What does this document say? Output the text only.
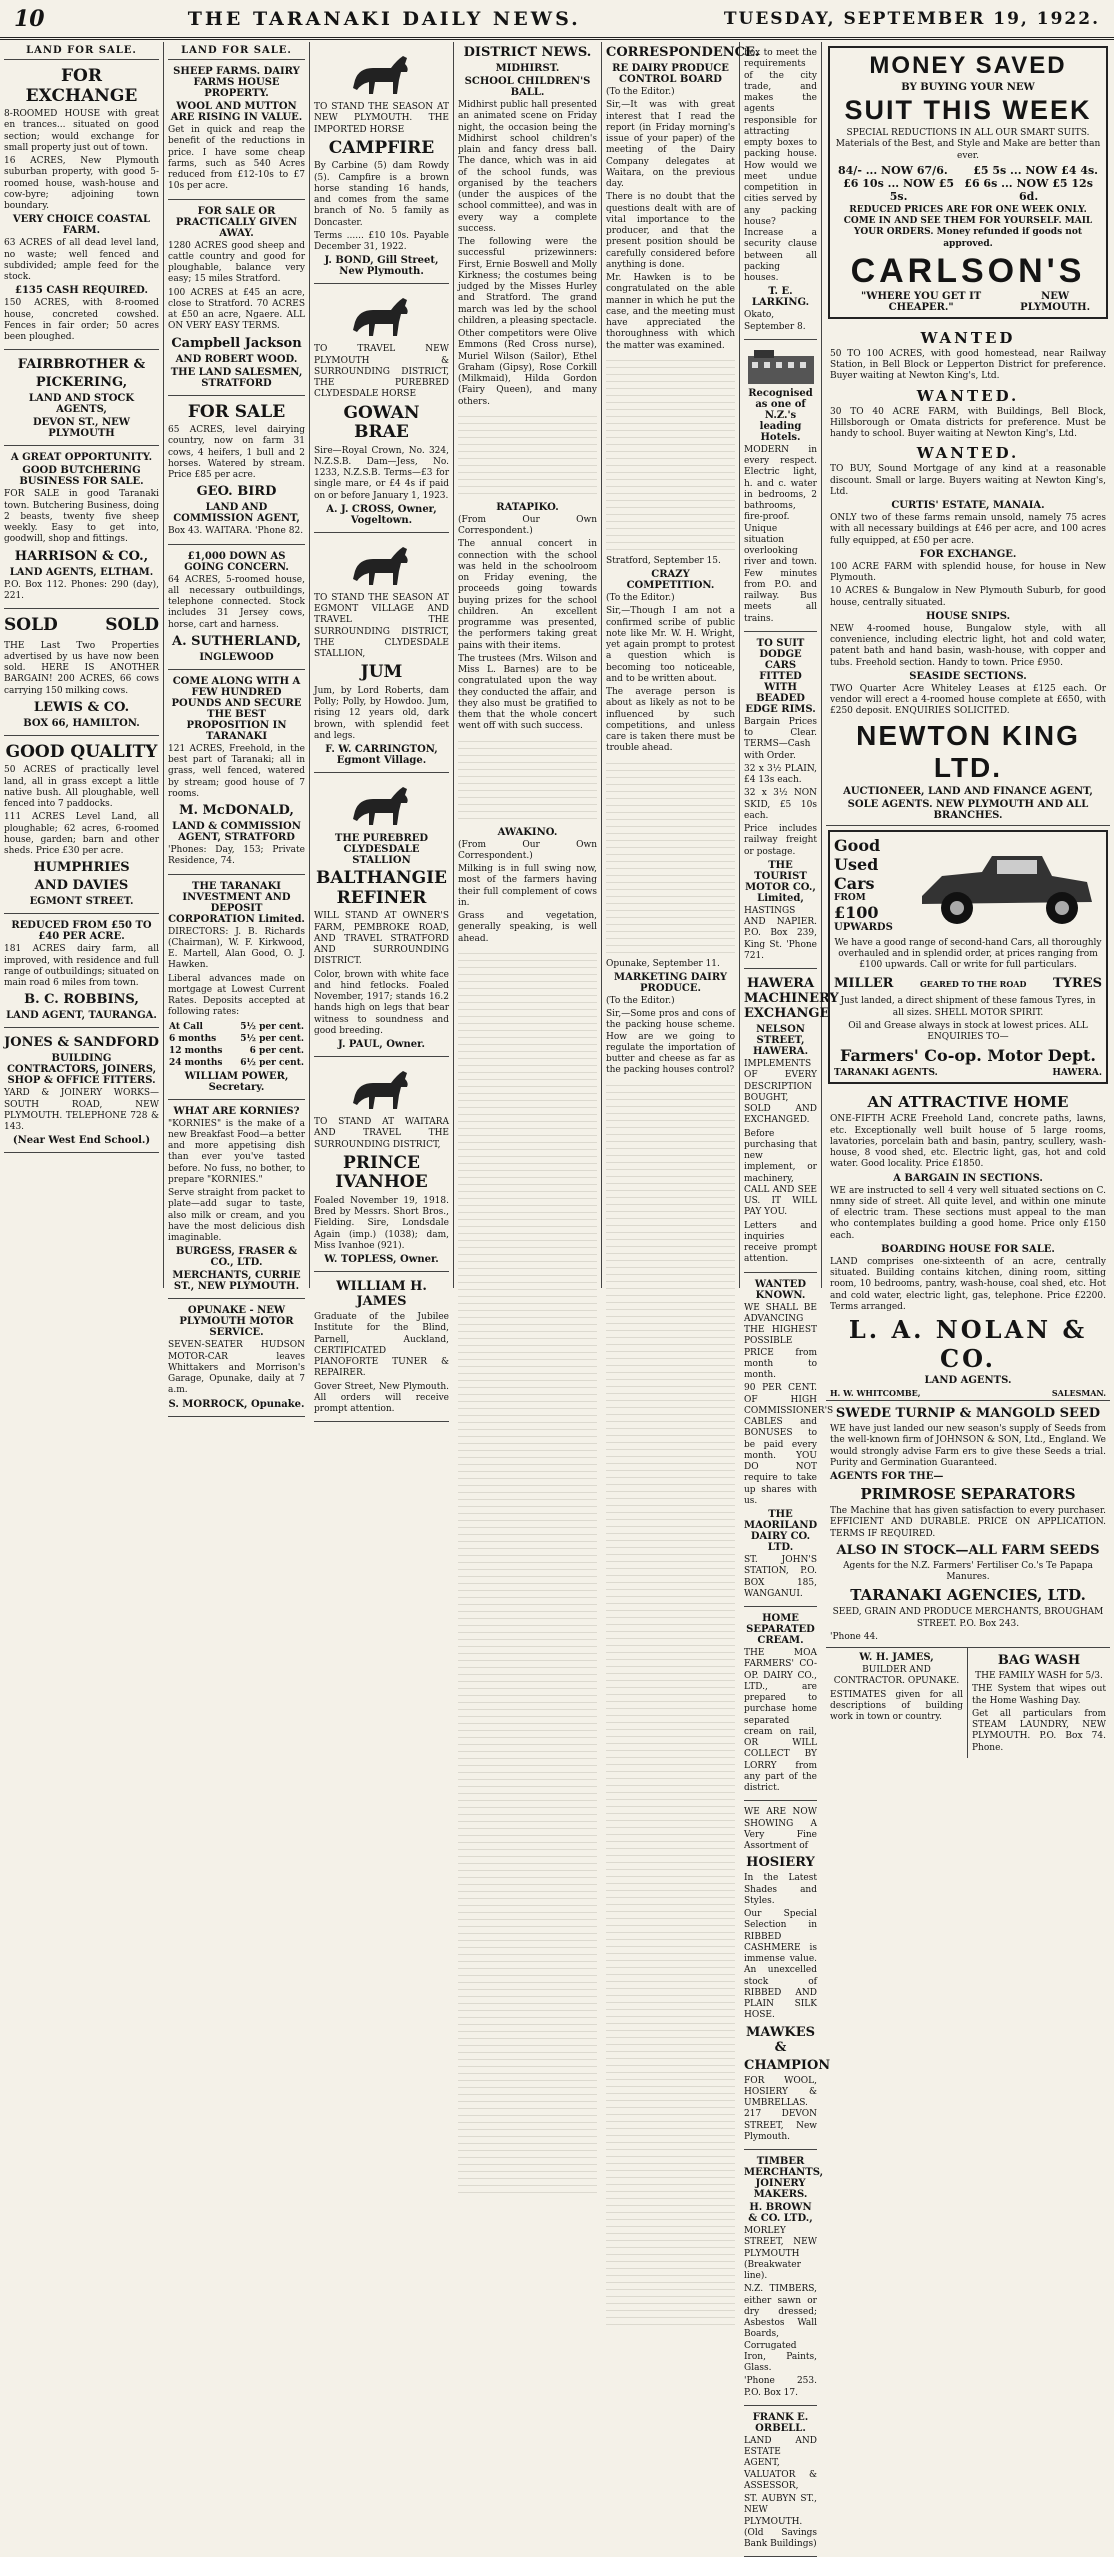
10	THE TARANAKI DAILY NEWS.	TUESDAY, SEPTEMBER 19, 1922.
LAND FOR SALE.
FOR EXCHANGE
8-ROOMED HOUSE with great en trances... situated on good section; would exchange for small property just out of town.
16 ACRES, New Plymouth suburban property, with good 5-roomed house, wash-house and cow-byre; adjoining town boundary.
VERY CHOICE COASTAL FARM.
63 ACRES of all dead level land, no waste; well fenced and subdivided; ample feed for the stock.
£135 CASH REQUIRED.
150 ACRES, with 8-roomed house, concreted cowshed. Fences in fair order; 50 acres been ploughed.
FAIRBROTHER &
PICKERING,
LAND AND STOCK AGENTS,
DEVON ST., NEW PLYMOUTH
A GREAT OPPORTUNITY.
GOOD BUTCHERING BUSINESS FOR SALE.
FOR SALE in good Taranaki town. Butchering Business, doing 2 beasts, twenty five sheep weekly. Easy to get into, goodwill, shop and fittings.
HARRISON & CO.,
LAND AGENTS, ELTHAM.
P.O. Box 112. Phones: 290 (day), 221.
SOLD	SOLD
THE Last Two Properties advertised by us have now been sold. HERE IS ANOTHER BARGAIN! 200 ACRES, 66 cows carrying 150 milking cows.
LEWIS & CO.
BOX 66, HAMILTON.
GOOD QUALITY
50 ACRES of practically level land, all in grass except a little native bush. All ploughable, well fenced into 7 paddocks.
111 ACRES Level Land, all ploughable; 62 acres, 6-roomed house, garden; barn and other sheds. Price £30 per acre.
HUMPHRIES
AND DAVIES
EGMONT STREET.
REDUCED FROM £50 TO £40 PER ACRE.
181 ACRES dairy farm, all improved, with residence and full range of outbuildings; situated on main road 6 miles from town.
B. C. ROBBINS,
LAND AGENT, TAURANGA.
JONES & SANDFORD
BUILDING CONTRACTORS, JOINERS, SHOP & OFFICE FITTERS.
YARD & JOINERY WORKS— SOUTH ROAD, NEW PLYMOUTH. TELEPHONE 728 & 143.
(Near West End School.)
LAND FOR SALE.
SHEEP FARMS. DAIRY FARMS HOUSE PROPERTY.
WOOL AND MUTTON ARE RISING IN VALUE.
Get in quick and reap the benefit of the reductions in price. I have some cheap farms, such as 540 Acres reduced from £12-10s to £7 10s per acre.
FOR SALE OR PRACTICALLY GIVEN AWAY.
1280 ACRES good sheep and cattle country and good for ploughable, balance very easy; 15 miles Stratford.
100 ACRES at £45 an acre, close to Stratford. 70 ACRES at £50 an acre, Ngaere. ALL ON VERY EASY TERMS.
Campbell Jackson
AND ROBERT WOOD.
THE LAND SALESMEN, STRATFORD
FOR SALE
65 ACRES, level dairying country, now on farm 31 cows, 4 heifers, 1 bull and 2 horses. Watered by stream. Price £85 per acre.
GEO. BIRD
LAND AND COMMISSION AGENT,
Box 43. WAITARA. 'Phone 82.
£1,000 DOWN AS GOING CONCERN.
64 ACRES, 5-roomed house, all necessary outbuildings, telephone connected. Stock includes 31 Jersey cows, horse, cart and harness.
A. SUTHERLAND,
INGLEWOOD
COME ALONG WITH A FEW HUNDRED POUNDS AND SECURE THE BEST PROPOSITION IN TARANAKI
121 ACRES, Freehold, in the best part of Taranaki; all in grass, well fenced, watered by stream; good house of 7 rooms.
M. McDONALD,
LAND & COMMISSION AGENT, STRATFORD
'Phones: Day, 153; Private Residence, 74.
THE TARANAKI INVESTMENT AND DEPOSIT CORPORATION Limited.
DIRECTORS: J. B. Richards (Chairman), W. F. Kirkwood, E. Martell, Alan Good, O. J. Hawken.
Liberal advances made on mortgage at Lowest Current Rates. Deposits accepted at following rates:
At Call	5½ per cent.
6 months	5½ per cent.
12 months	6 per cent.
24 months	6½ per cent.
WILLIAM POWER, Secretary.
WHAT ARE KORNIES?
"KORNIES" is the make of a new Breakfast Food—a better and more appetising dish than ever you've tasted before. No fuss, no bother, to prepare "KORNIES."
Serve straight from packet to plate—add sugar to taste, also milk or cream, and you have the most delicious dish imaginable.
BURGESS, FRASER & CO., LTD.
MERCHANTS, CURRIE ST., NEW PLYMOUTH.
OPUNAKE - NEW PLYMOUTH MOTOR SERVICE.
SEVEN-SEATER HUDSON MOTOR-CAR leaves Whittakers and Morrison's Garage, Opunake, daily at 7 a.m.
S. MORROCK, Opunake.
TO STAND THE SEASON AT NEW PLYMOUTH. THE IMPORTED HORSE
CAMPFIRE
By Carbine (5) dam Rowdy (5). Campfire is a brown horse standing 16 hands, and comes from the same branch of No. 5 family as Doncaster.
Terms ...... £10 10s. Payable December 31, 1922.
J. BOND, Gill Street, New Plymouth.
TO TRAVEL NEW PLYMOUTH & SURROUNDING DISTRICT, THE PUREBRED CLYDESDALE HORSE
GOWAN BRAE
Sire—Royal Crown, No. 324, N.Z.S.B. Dam—Jess, No. 1233, N.Z.S.B. Terms—£3 for single mare, or £4 4s if paid on or before January 1, 1923.
A. J. CROSS, Owner, Vogeltown.
TO STAND THE SEASON AT EGMONT VILLAGE AND TRAVEL THE SURROUNDING DISTRICT, THE CLYDESDALE STALLION,
JUM
Jum, by Lord Roberts, dam Polly; Polly, by Howdoo. Jum, rising 12 years old, dark brown, with splendid feet and legs.
F. W. CARRINGTON, Egmont Village.
THE PUREBRED CLYDESDALE STALLION
BALTHANGIE REFINER
WILL STAND AT OWNER'S FARM, PEMBROKE ROAD, AND TRAVEL STRATFORD AND SURROUNDING DISTRICT.
Color, brown with white face and hind fetlocks. Foaled November, 1917; stands 16.2 hands high on legs that bear witness to soundness and good breeding.
J. PAUL, Owner.
TO STAND AT WAITARA AND TRAVEL THE SURROUNDING DISTRICT,
PRINCE IVANHOE
Foaled November 19, 1918. Bred by Messrs. Short Bros., Fielding. Sire, Londsdale Again (imp.) (1038); dam, Miss Ivanhoe (921).
W. TOPLESS, Owner.
WILLIAM H. JAMES
Graduate of the Jubilee Institute for the Blind, Parnell, Auckland, CERTIFICATED PIANOFORTE TUNER & REPAIRER.
Gover Street, New Plymouth. All orders will receive prompt attention.
DISTRICT NEWS.
MIDHIRST.
SCHOOL CHILDREN'S BALL.
Midhirst public hall presented an animated scene on Friday night, the occasion being the Midhirst school children's plain and fancy dress ball. The dance, which was in aid of the school funds, was organised by the teachers (under the auspices of the school committee), and was in every way a complete success.
The following were the successful prizewinners: First, Ernie Boswell and Molly Kirkness; the costumes being judged by the Misses Hurley and Stratford. The grand march was led by the school children, a pleasing spectacle.
Other competitors were Olive Emmons (Red Cross nurse), Muriel Wilson (Sailor), Ethel Graham (Gipsy), Rose Corkill (Milkmaid), Hilda Gordon (Fairy Queen), and many others.
RATAPIKO.
(From Our Own Correspondent.)
The annual concert in connection with the school was held in the schoolroom on Friday evening, the proceeds going towards buying prizes for the school children. An excellent programme was presented, the performers taking great pains with their items.
The trustees (Mrs. Wilson and Miss L. Barnes) are to be congratulated upon the way they conducted the affair, and they also must be gratified to them that the whole concert went off with such success.
AWAKINO.
(From Our Own Correspondent.)
Milking is in full swing now, most of the farmers having their full complement of cows in.
Grass and vegetation, generally speaking, is well ahead.
CORRESPONDENCE.
RE DAIRY PRODUCE CONTROL BOARD
(To the Editor.)
Sir,—It was with great interest that I read the report (in Friday morning's issue of your paper) of the meeting of the Dairy Company delegates at Waitara, on the previous day.
There is no doubt that the questions dealt with are of vital importance to the producer, and that the present position should be carefully considered before anything is done.
Mr. Hawken is to be congratulated on the able manner in which he put the case, and the meeting must have appreciated the thoroughness with which the matter was examined.
Stratford, September 15.
CRAZY COMPETITION.
(To the Editor.)
Sir,—Though I am not a confirmed scribe of public note like Mr. W. H. Wright, yet again prompt to protest a question which is becoming too noticeable, and to be written about.
The average person is about as likely as not to be influenced by such competitions, and unless care is taken there must be trouble ahead.
Opunake, September 11.
MARKETING DAIRY PRODUCE.
(To the Editor.)
Sir,—Some pros and cons of the packing house scheme. How are we going to regulate the importation of butter and cheese as far as the packing houses control?
box to meet the requirements of the city trade, and makes the agents responsible for attracting empty boxes to packing house. How would we meet undue competition in cities served by any packing house? Increase a security clause between all packing houses.
T. E. LARKING.
Okato, September 8.
Recognised as one of N.Z.'s leading Hotels.
MODERN in every respect. Electric light, h. and c. water in bedrooms, 2 bathrooms, fire-proof. Unique situation overlooking river and town. Few minutes from P.O. and railway. Bus meets all trains.
TO SUIT DODGE CARS FITTED WITH BEADED EDGE RIMS.
Bargain Prices to Clear. TERMS—Cash with Order.
32 x 3½ PLAIN, £4 13s each.
32 x 3½ NON SKID, £5 10s each.
Price includes railway freight or postage.
THE TOURIST MOTOR CO., Limited,
HASTINGS AND NAPIER. P.O. Box 239, King St. 'Phone 721.
HAWERA MACHINERY EXCHANGE
NELSON STREET, HAWERA.
IMPLEMENTS OF EVERY DESCRIPTION BOUGHT, SOLD AND EXCHANGED.
Before purchasing that new implement, or machinery, CALL AND SEE US. IT WILL PAY YOU.
Letters and inquiries receive prompt attention.
WANTED KNOWN.
WE SHALL BE ADVANCING THE HIGHEST POSSIBLE PRICE from month to month.
90 PER CENT. OF HIGH COMMISSIONER'S CABLES and BONUSES to be paid every month. YOU DO NOT require to take up shares with us.
THE MAORILAND DAIRY CO. LTD.
ST. JOHN'S STATION, P.O. BOX 185, WANGANUI.
HOME SEPARATED CREAM.
THE MOA FARMERS' CO-OP. DAIRY CO., LTD., are prepared to purchase home separated cream on rail, OR WILL COLLECT BY LORRY from any part of the district.
WE ARE NOW SHOWING A Very Fine Assortment of
HOSIERY
In the Latest Shades and Styles.
Our Special Selection in RIBBED CASHMERE is immense value. An unexcelled stock of RIBBED AND PLAIN SILK HOSE.
MAWKES &
CHAMPION
FOR WOOL, HOSIERY & UMBRELLAS. 217 DEVON STREET, New Plymouth.
TIMBER MERCHANTS, JOINERY MAKERS.
H. BROWN & CO. LTD.,
MORLEY STREET, NEW PLYMOUTH (Breakwater line).
N.Z. TIMBERS, either sawn or dry dressed; Asbestos Wall Boards, Corrugated Iron, Paints, Glass.
'Phone 253. P.O. Box 17.
FRANK E. ORBELL.
LAND AND ESTATE AGENT, VALUATOR & ASSESSOR,
ST. AUBYN ST., NEW PLYMOUTH. (Old Savings Bank Buildings)
MONEY SAVED
BY BUYING YOUR NEW
SUIT THIS WEEK
SPECIAL REDUCTIONS IN ALL OUR SMART SUITS. Materials of the Best, and Style and Make are better than ever.
84/- ... NOW 67/6. £5 5s ... NOW £4 4s.
£6 10s ... NOW £5 5s.
£6 6s ... NOW £5 12s 6d.
REDUCED PRICES ARE FOR ONE WEEK ONLY. COME IN AND SEE THEM FOR YOURSELF. MAIL YOUR ORDERS. Money refunded if goods not approved.
CARLSON'S
"WHERE YOU GET IT CHEAPER."
NEW PLYMOUTH.
WANTED
50 TO 100 ACRES, with good homestead, near Railway Station, in Bell Block or Lepperton District for preference. Buyer waiting at Newton King's, Ltd.
WANTED.
30 TO 40 ACRE FARM, with Buildings, Bell Block, Hillsborough or Omata districts for preference. Must be handy to school. Buyer waiting at Newton King's, Ltd.
WANTED.
TO BUY, Sound Mortgage of any kind at a reasonable discount. Small or large. Buyers waiting at Newton King's, Ltd.
CURTIS' ESTATE, MANAIA.
ONLY two of these farms remain unsold, namely 75 acres with all necessary buildings at £46 per acre, and 100 acres fully equipped, at £50 per acre.
FOR EXCHANGE.
100 ACRE FARM with splendid house, for house in New Plymouth.
10 ACRES & Bungalow in New Plymouth Suburb, for good house, centrally situated.
HOUSE SNIPS.
NEW 4-roomed house, Bungalow style, with all convenience, including electric light, hot and cold water, patent bath and hand basin, wash-house, with copper and tubs. Freehold section. Handy to town. Price £950.
SEASIDE SECTIONS.
TWO Quarter Acre Whiteley Leases at £125 each. Or vendor will erect a 4-roomed house complete at £650, with £250 deposit. ENQUIRIES SOLICITED.
NEWTON KING LTD.
AUCTIONEER, LAND AND FINANCE AGENT,
SOLE AGENTS. NEW PLYMOUTH AND ALL BRANCHES.
Good
Used
Cars
FROM
£100
UPWARDS
We have a good range of second-hand Cars, all thoroughly overhauled and in splendid order, at prices ranging from £100 upwards. Call or write for full particulars.
MILLER	GEARED TO THE ROAD TYRES
Just landed, a direct shipment of these famous Tyres, in all sizes. SHELL MOTOR SPIRIT.
Oil and Grease always in stock at lowest prices. ALL ENQUIRIES TO—
Farmers' Co-op. Motor Dept.
TARANAKI AGENTS.	HAWERA.
AN ATTRACTIVE HOME
ONE-FIFTH ACRE Freehold Land, concrete paths, lawns, etc. Exceptionally well built house of 5 large rooms, lavatories, porcelain bath and basin, pantry, scullery, wash-house, 8 vood shed, etc. Electric light, gas, hot and cold water. Good locality. Price £1850.
A BARGAIN IN SECTIONS.
WE are instructed to sell 4 very well situated sections on C. nmny side of street. All quite level, and within one minute of electric tram. These sections must appeal to the man who contemplates building a good home. Price only £150 each.
BOARDING HOUSE FOR SALE.
LAND comprises one-sixteenth of an acre, centrally situated. Building contains kitchen, dining room, sitting room, 10 bedrooms, pantry, wash-house, coal shed, etc. Hot and cold water, electric light, gas, telephone. Price £2200. Terms arranged.
L. A. NOLAN & CO.
LAND AGENTS.
H. W. WHITCOMBE,	SALESMAN.
SWEDE TURNIP & MANGOLD SEED
WE have just landed our new season's supply of Seeds from the well-known firm of JOHNSON & SON, Ltd., England. We would strongly advise Farm ers to give these Seeds a trial. Purity and Germination Guaranteed.
AGENTS FOR THE—
PRIMROSE SEPARATORS
The Machine that has given satisfaction to every purchaser. EFFICIENT AND DURABLE. PRICE ON APPLICATION. TERMS IF REQUIRED.
ALSO IN STOCK—ALL FARM SEEDS
Agents for the N.Z. Farmers' Fertiliser Co.'s Te Papapa Manures.
TARANAKI AGENCIES, LTD.
SEED, GRAIN AND PRODUCE MERCHANTS, BROUGHAM STREET. P.O. Box 243.
'Phone 44.
W. H. JAMES,
BUILDER AND CONTRACTOR. OPUNAKE.
ESTIMATES given for all descriptions of building work in town or country.
BAG WASH
THE FAMILY WASH for 5/3.
THE System that wipes out the Home Washing Day.
Get all particulars from STEAM LAUNDRY, NEW PLYMOUTH. P.O. Box 74. Phone.
